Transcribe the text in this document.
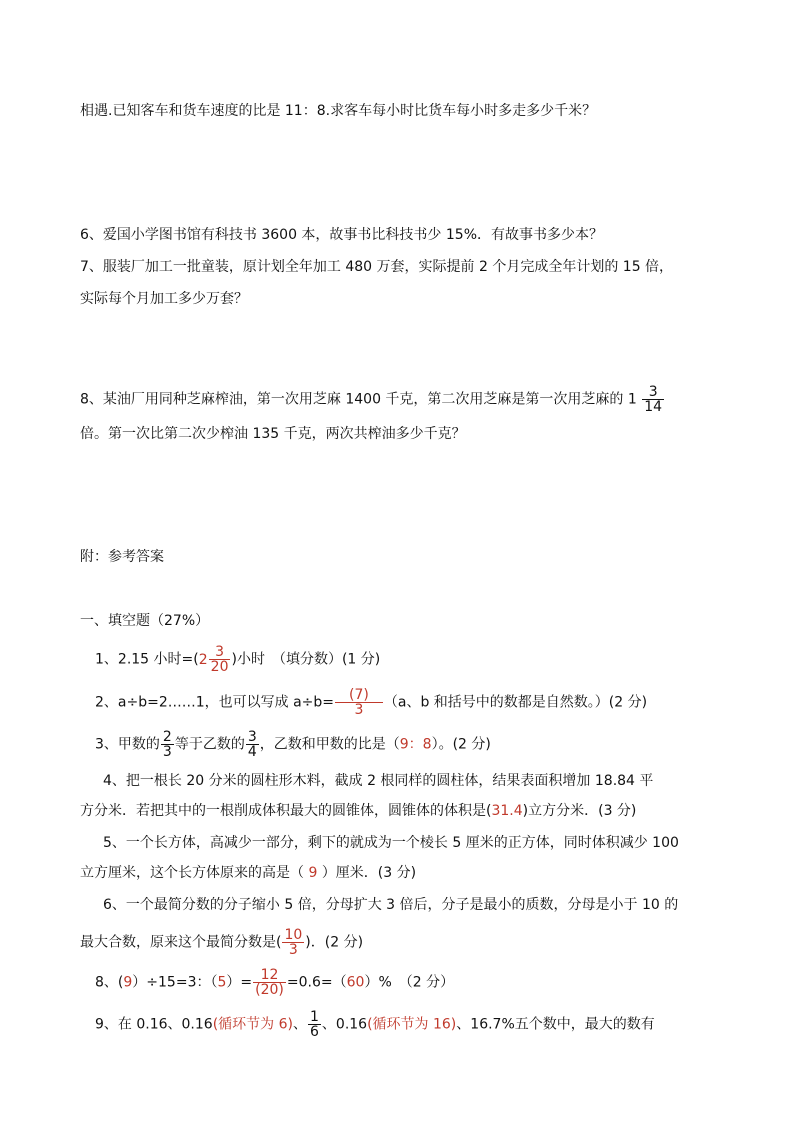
相遇.已知客车和货车速度的比是 11：8.求客车每小时比货车每小时多走多少千米？
6、爱国小学图书馆有科技书 3600 本，故事书比科技书少 15%．有故事书多少本？
7、服装厂加工一批童装，原计划全年加工 480 万套，实际提前 2 个月完成全年计划的 15 倍，
实际每个月加工多少万套？
8、某油厂用同种芝麻榨油，第一次用芝麻 1400 千克，第二次用芝麻是第一次用芝麻的 $1 \frac{3}{14}$
倍。第一次比第二次少榨油 135 千克，两次共榨油多少千克？
附：参考答案
一、填空题（27%）
1、2.15 小时$=(2 \frac{3}{20}$ )小时　（填分数）(1 分)
2、a÷b=2……1，也可以写成 $a\div b= \frac{(7)}{3} (a$、b 和括号中的数都是自然数。）(2 分)
3、甲数的 $\frac{2}{3}$ 等于乙数的 $\frac{3}{4}$ ，乙数和甲数的比是（9：8）。(2 分)
4、把一根长 20 分米的圆柱形木料，截成 2 根同样的圆柱体，结果表面积增加 18.84 平
方分米．若把其中的一根削成体积最大的圆锥体，圆锥体的体积是(31.4)立方分米．(3 分)
5、一个长方体，高减少一部分，剩下的就成为一个棱长 5 厘米的正方体，同时体积减少 100
立方厘米，这个长方体原来的高是（ 9 ）厘米．(3 分)
6、一个最简分数的分子缩小 5 倍，分母扩大 3 倍后，分子是最小的质数，分母是小于 10 的
最大合数，原来这个最简分数是( $\frac{10}{3}$ )．(2 分)
8、(9）÷15=3：$(5)= \frac{12}{(20)} =0.6=(60)\%$　（2 分）
9、在 0.16、0.16(循环节为 6)、 $\frac{1}{6}$ 、0.16(循环节为 16)、16.7%五个数中，最大的数有
